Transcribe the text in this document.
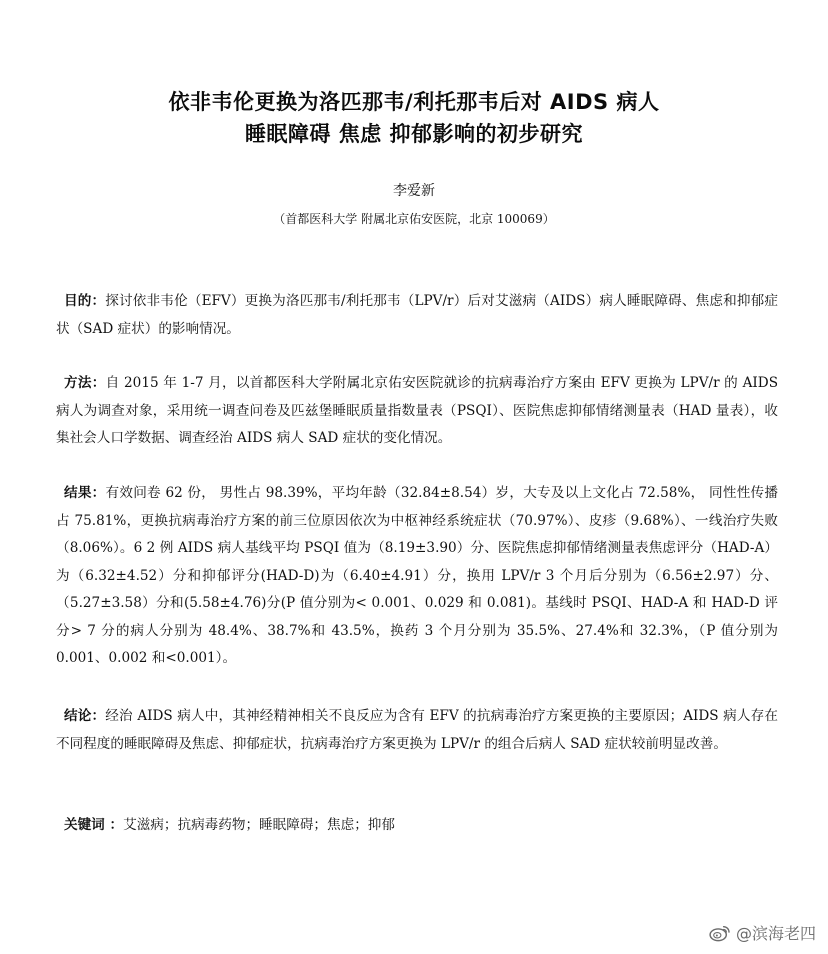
依非韦伦更换为洛匹那韦/利托那韦后对 AIDS 病人
睡眠障碍 焦虑 抑郁影响的初步研究
李爱新
（首都医科大学 附属北京佑安医院，北京 100069）
目的：探讨依非韦伦（EFV）更换为洛匹那韦/利托那韦（LPV/r）后对艾滋病（AIDS）病人睡眠障碍、焦虑和抑郁症状（SAD 症状）的影响情况。
方法：自 2015 年 1-7 月，以首都医科大学附属北京佑安医院就诊的抗病毒治疗方案由 EFV 更换为 LPV/r 的 AIDS 病人为调查对象，采用统一调查问卷及匹兹堡睡眠质量指数量表（PSQI）、医院焦虑抑郁情绪测量表（HAD 量表），收集社会人口学数据、调查经治 AIDS 病人 SAD 症状的变化情况。
结果：有效问卷 62 份， 男性占 98.39%，平均年龄（32.84±8.54）岁，大专及以上文化占 72.58%， 同性性传播占 75.81%，更换抗病毒治疗方案的前三位原因依次为中枢神经系统症状（70.97%）、皮疹（9.68%）、一线治疗失败（8.06%）。6 2 例 AIDS 病人基线平均 PSQI 值为（8.19±3.90）分、医院焦虑抑郁情绪测量表焦虑评分（HAD-A）为（6.32±4.52）分和抑郁评分(HAD-D)为（6.40±4.91）分，换用 LPV/r 3 个月后分别为（6.56±2.97）分、（5.27±3.58）分和(5.58±4.76)分(P 值分别为< 0.001、0.029 和 0.081)。基线时 PSQI、HAD-A 和 HAD-D 评分> 7 分的病人分别为 48.4%、38.7%和 43.5%，换药 3 个月分别为 35.5%、27.4%和 32.3%，（P 值分别为 0.001、0.002 和<0.001）。
结论：经治 AIDS 病人中，其神经精神相关不良反应为含有 EFV 的抗病毒治疗方案更换的主要原因；AIDS 病人存在不同程度的睡眠障碍及焦虑、抑郁症状，抗病毒治疗方案更换为 LPV/r 的组合后病人 SAD 症状较前明显改善。
关键词 ：艾滋病；抗病毒药物；睡眠障碍；焦虑；抑郁
@滨海老四
